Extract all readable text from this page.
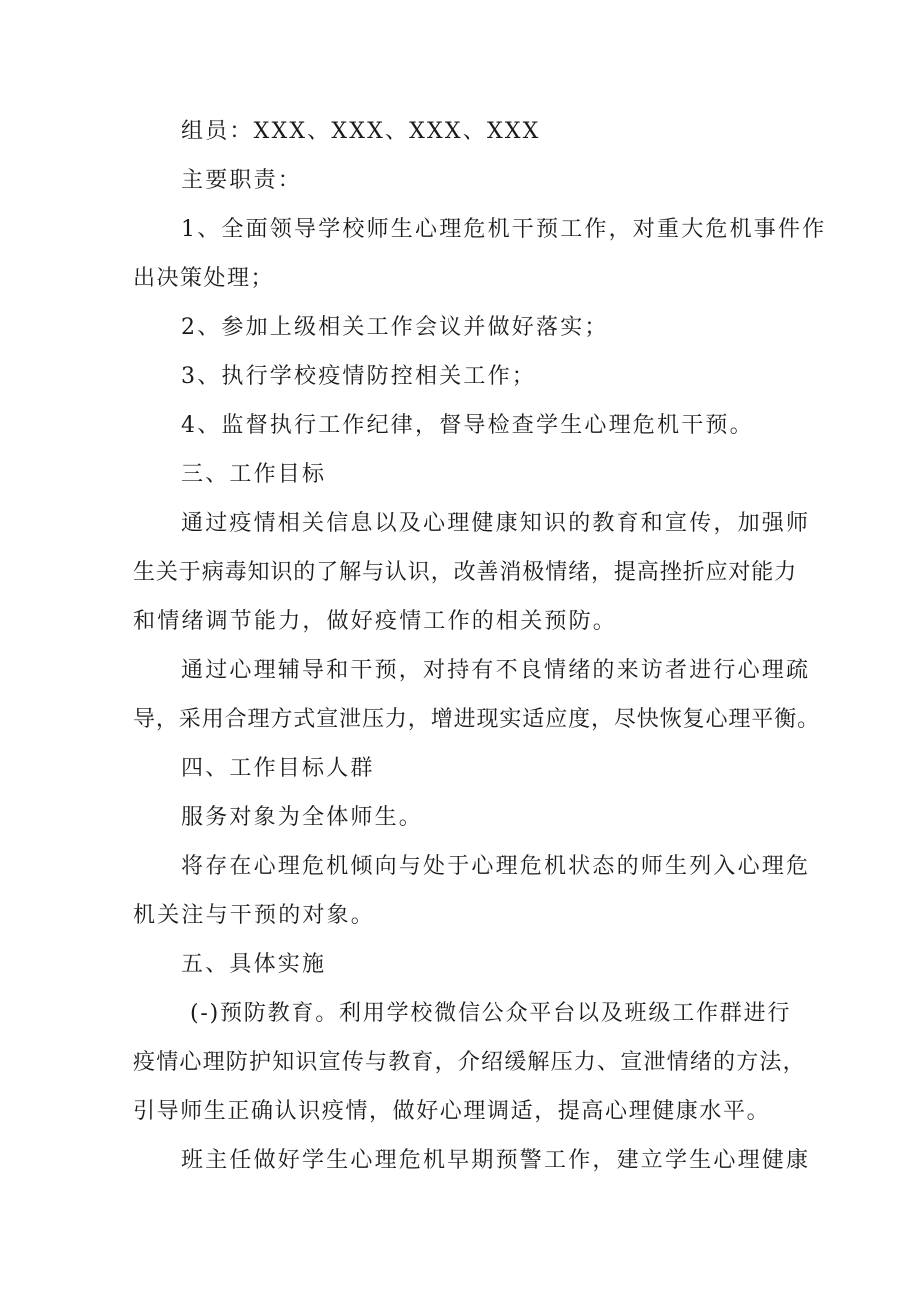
组员：XXX、XXX、XXX、XXX
主要职责：
1、全面领导学校师生心理危机干预工作，对重大危机事件作
出决策处理；
2、参加上级相关工作会议并做好落实；
3、执行学校疫情防控相关工作；
4、监督执行工作纪律，督导检查学生心理危机干预。
三、工作目标
通过疫情相关信息以及心理健康知识的教育和宣传，加强师
生关于病毒知识的了解与认识，改善消极情绪，提高挫折应对能力
和情绪调节能力，做好疫情工作的相关预防。
通过心理辅导和干预，对持有不良情绪的来访者进行心理疏
导，采用合理方式宣泄压力，增进现实适应度，尽快恢复心理平衡。
四、工作目标人群
服务对象为全体师生。
将存在心理危机倾向与处于心理危机状态的师生列入心理危
机关注与干预的对象。
五、具体实施
(-)预防教育。利用学校微信公众平台以及班级工作群进行
疫情心理防护知识宣传与教育，介绍缓解压力、宣泄情绪的方法，
引导师生正确认识疫情，做好心理调适，提高心理健康水平。
班主任做好学生心理危机早期预警工作，建立学生心理健康
